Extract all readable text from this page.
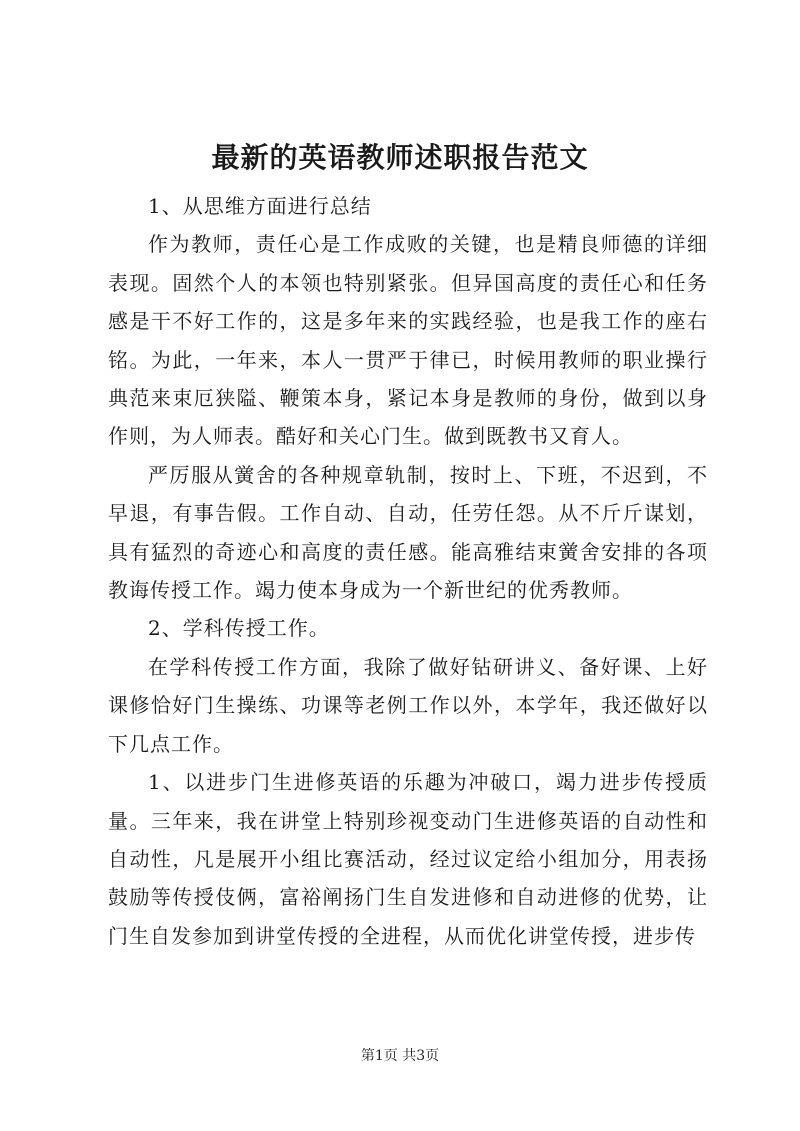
最新的英语教师述职报告范文

1、从思维方面进行总结

作为教师，责任心是工作成败的关键，也是精良师德的详细表现。固然个人的本领也特别紧张。但异国高度的责任心和任务感是干不好工作的，这是多年来的实践经验，也是我工作的座右铭。为此，一年来，本人一贯严于律已，时候用教师的职业操行典范来束厄狭隘、鞭策本身，紧记本身是教师的身份，做到以身作则，为人师表。酷好和关心门生。做到既教书又育人。

严厉服从黉舍的各种规章轨制，按时上、下班，不迟到，不早退，有事告假。工作自动、自动，任劳任怨。从不斤斤谋划，具有猛烈的奇迹心和高度的责任感。能高雅结束黉舍安排的各项教诲传授工作。竭力使本身成为一个新世纪的优秀教师。

2、学科传授工作。

在学科传授工作方面，我除了做好钻研讲义、备好课、上好课修恰好门生操练、功课等老例工作以外，本学年，我还做好以下几点工作。

1、以进步门生进修英语的乐趣为冲破口，竭力进步传授质量。三年来，我在讲堂上特别珍视变动门生进修英语的自动性和自动性，凡是展开小组比赛活动，经过议定给小组加分，用表扬鼓励等传授伎俩，富裕阐扬门生自发进修和自动进修的优势，让门生自发参加到讲堂传授的全进程，从而优化讲堂传授，进步传

第1页 共3页
